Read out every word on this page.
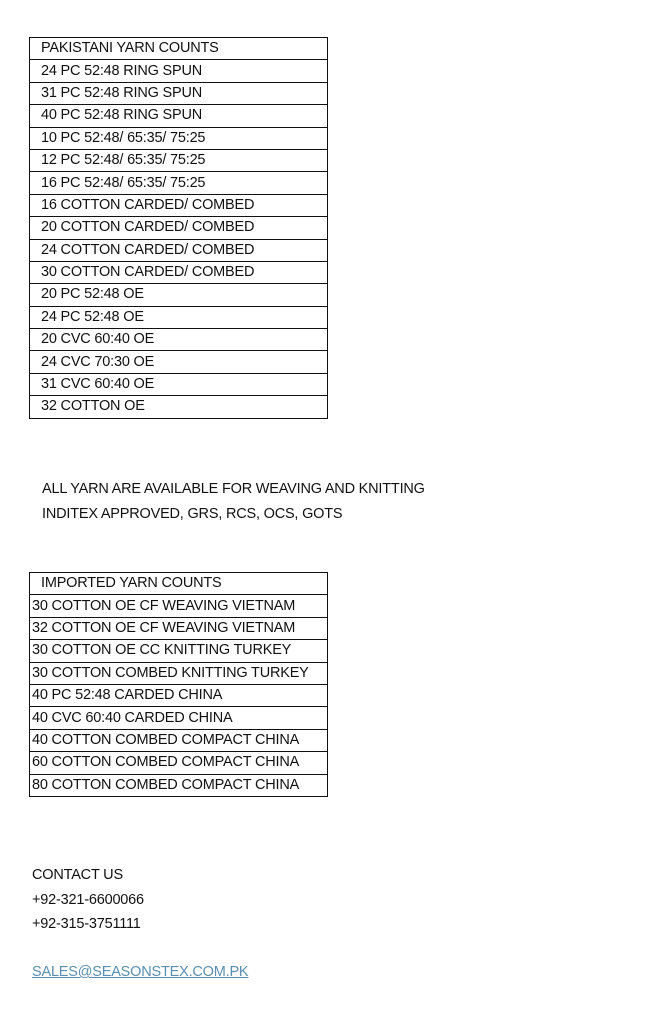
PAKISTANI YARN COUNTS
24 PC 52:48 RING SPUN
31 PC 52:48 RING SPUN
40 PC 52:48 RING SPUN
10 PC 52:48/ 65:35/ 75:25
12 PC 52:48/ 65:35/ 75:25
16 PC 52:48/ 65:35/ 75:25
16 COTTON CARDED/ COMBED
20 COTTON CARDED/ COMBED
24 COTTON CARDED/ COMBED
30 COTTON CARDED/ COMBED
20 PC 52:48 OE
24 PC 52:48 OE
20 CVC 60:40 OE
24 CVC 70:30 OE
31 CVC 60:40 OE
32 COTTON OE
ALL YARN ARE AVAILABLE FOR WEAVING AND KNITTING
INDITEX APPROVED, GRS, RCS, OCS, GOTS
IMPORTED YARN COUNTS
30 COTTON OE CF WEAVING VIETNAM
32 COTTON OE CF WEAVING VIETNAM
30 COTTON OE CC KNITTING TURKEY
30 COTTON COMBED KNITTING TURKEY
40 PC 52:48 CARDED CHINA
40 CVC 60:40 CARDED CHINA
40 COTTON COMBED COMPACT CHINA
60 COTTON COMBED COMPACT CHINA
80 COTTON COMBED COMPACT CHINA
CONTACT US
+92-321-6600066
+92-315-3751111
SALES@SEASONSTEX.COM.PK
